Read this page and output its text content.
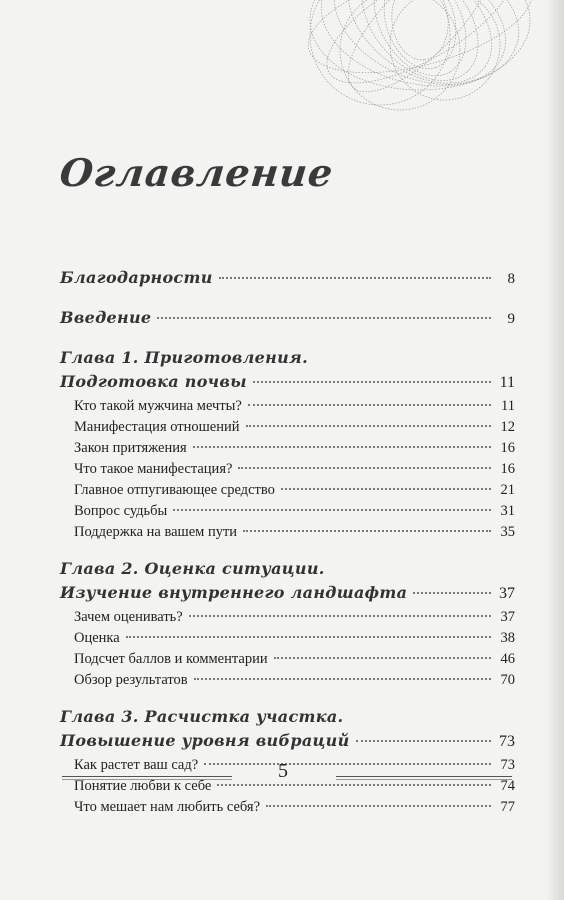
Оглавление
Благодарности	8
Введение	9
Глава 1. Приготовления.
Подготовка почвы	11
Кто такой мужчина мечты?	11
Манифестация отношений	12
Закон притяжения	16
Что такое манифестация?	16
Главное отпугивающее средство	21
Вопрос судьбы	31
Поддержка на вашем пути	35
Глава 2. Оценка ситуации.
Изучение внутреннего ландшафта	37
Зачем оценивать?	37
Оценка	38
Подсчет баллов и комментарии	46
Обзор результатов	70
Глава 3. Расчистка участка.
Повышение уровня вибраций	73
Как растет ваш сад?	73
Понятие любви к себе	74
Что мешает нам любить себя?	77
5
